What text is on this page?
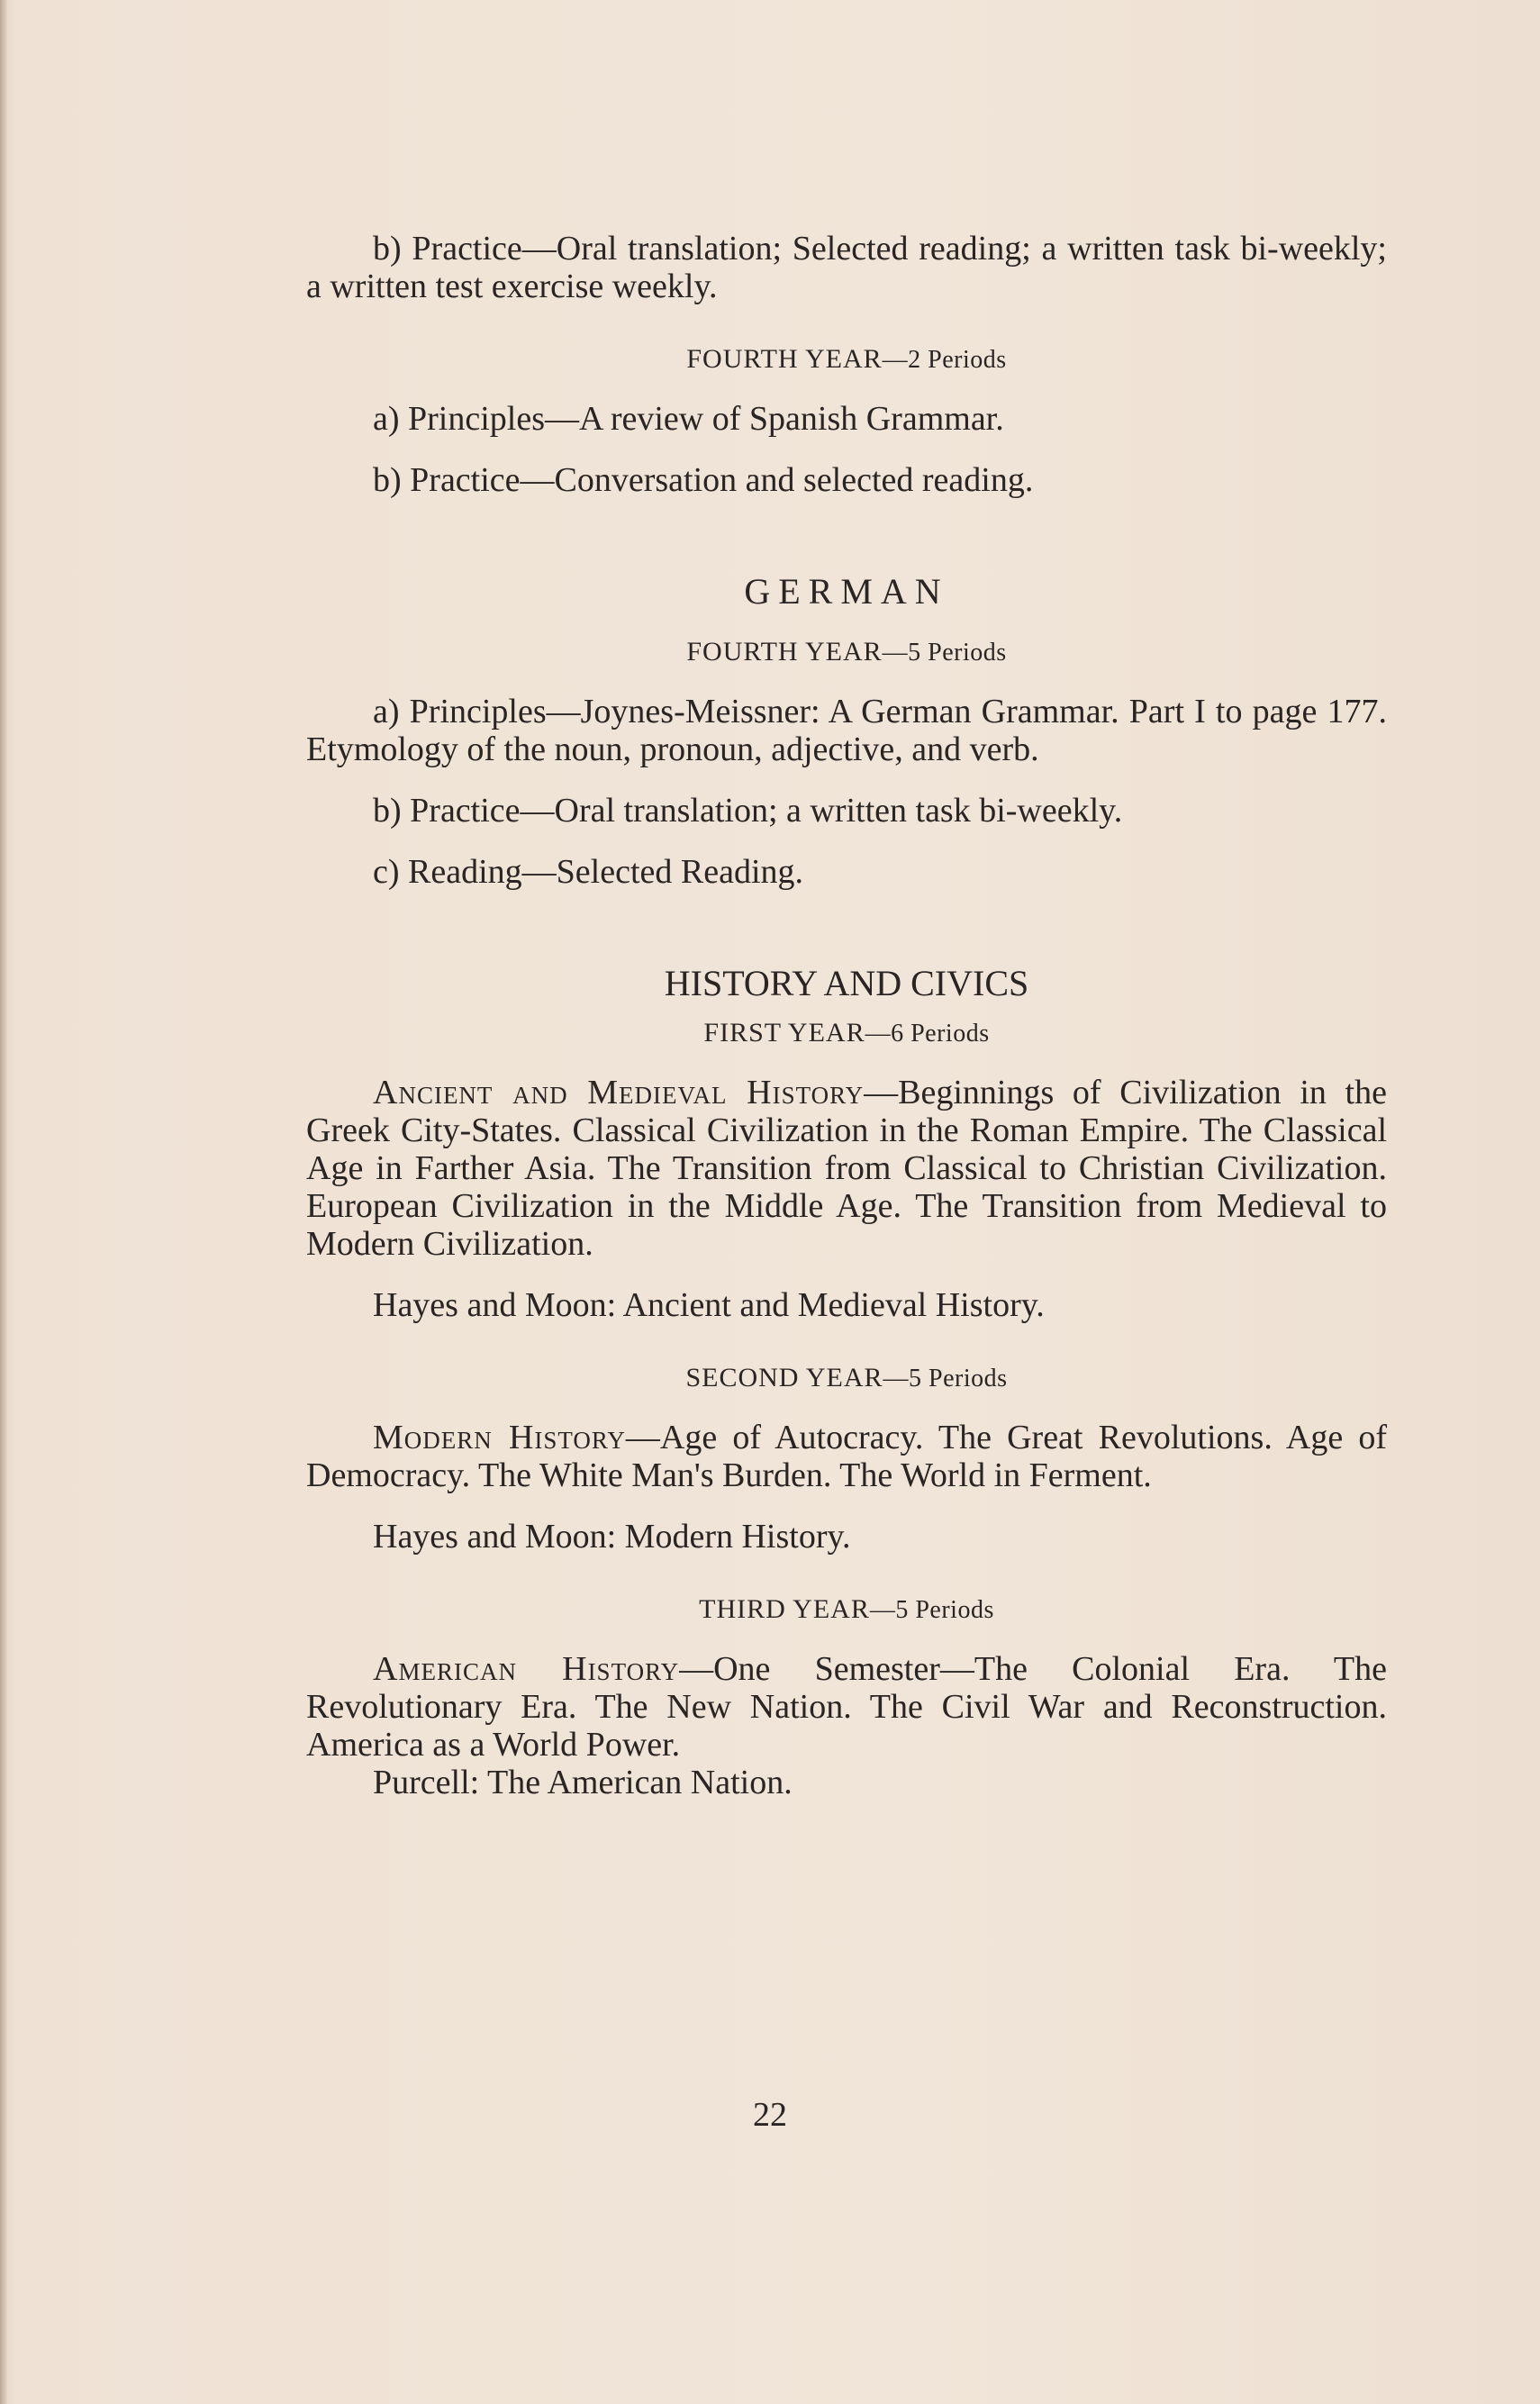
b) Practice—Oral translation; Selected reading; a written task bi-weekly; a written test exercise weekly.

FOURTH YEAR—2 Periods

a) Principles—A review of Spanish Grammar.

b) Practice—Conversation and selected reading.

GERMAN
FOURTH YEAR—5 Periods

a) Principles—Joynes-Meissner: A German Grammar. Part I to page 177. Etymology of the noun, pronoun, adjective, and verb.

b) Practice—Oral translation; a written task bi-weekly.

c) Reading—Selected Reading.

HISTORY AND CIVICS
FIRST YEAR—6 Periods

Ancient and Medieval History—Beginnings of Civilization in the Greek City-States. Classical Civilization in the Roman Empire. The Classical Age in Farther Asia. The Transition from Classical to Christian Civilization. European Civilization in the Middle Age. The Transition from Medieval to Modern Civilization.

Hayes and Moon: Ancient and Medieval History.

SECOND YEAR—5 Periods

Modern History—Age of Autocracy. The Great Revolutions. Age of Democracy. The White Man's Burden. The World in Ferment.

Hayes and Moon: Modern History.

THIRD YEAR—5 Periods

American History—One Semester—The Colonial Era. The Revolutionary Era. The New Nation. The Civil War and Reconstruction. America as a World Power.

Purcell: The American Nation.

22
